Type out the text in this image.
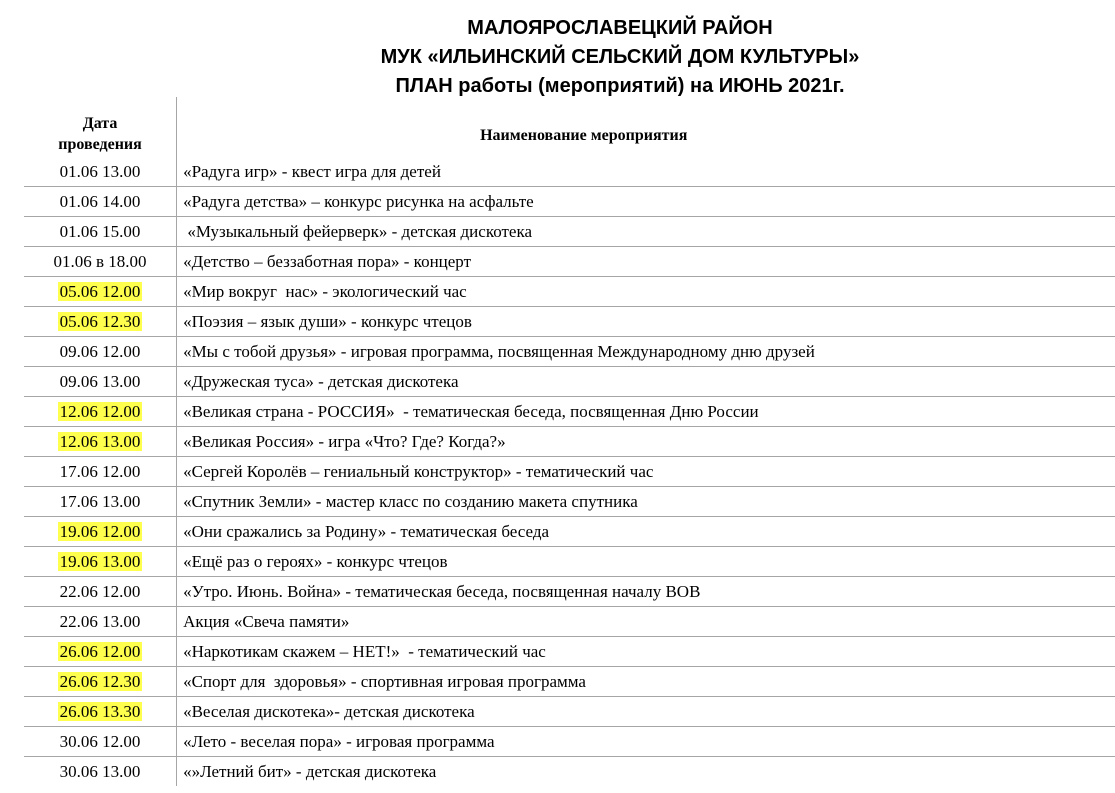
МАЛОЯРОСЛАВЕЦКИЙ РАЙОН
МУК «ИЛЬИНСКИЙ СЕЛЬСКИЙ ДОМ КУЛЬТУРЫ»
ПЛАН работы (мероприятий) на ИЮНЬ 2021г.
Дата
проведения	Наименование мероприятия
01.06 13.00	«Радуга игр» - квест игра для детей
01.06 14.00	«Радуга детства» – конкурс рисунка на асфальте
01.06 15.00	«Музыкальный фейерверк» - детская дискотека
01.06 в 18.00	«Детство – беззаботная пора» - концерт
05.06 12.00	«Мир вокруг  нас» - экологический час
05.06 12.30	«Поэзия – язык души» - конкурс чтецов
09.06 12.00	«Мы с тобой друзья» - игровая программа, посвященная Международному дню друзей
09.06 13.00	«Дружеская туса» - детская дискотека
12.06 12.00	«Великая страна - РОССИЯ»  - тематическая беседа, посвященная Дню России
12.06 13.00	«Великая Россия» - игра «Что? Где? Когда?»
17.06 12.00	«Сергей Королёв – гениальный конструктор» - тематический час
17.06 13.00	«Спутник Земли» - мастер класс по созданию макета спутника
19.06 12.00	«Они сражались за Родину» - тематическая беседа
19.06 13.00	«Ещё раз о героях» - конкурс чтецов
22.06 12.00	«Утро. Июнь. Война» - тематическая беседа, посвященная началу ВОВ
22.06 13.00	Акция «Свеча памяти»
26.06 12.00	«Наркотикам скажем – НЕТ!»  - тематический час
26.06 12.30	«Спорт для  здоровья» - спортивная игровая программа
26.06 13.30	«Веселая дискотека»- детская дискотека
30.06 12.00	«Лето - веселая пора» - игровая программа
30.06 13.00	«»Летний бит» - детская дискотека
